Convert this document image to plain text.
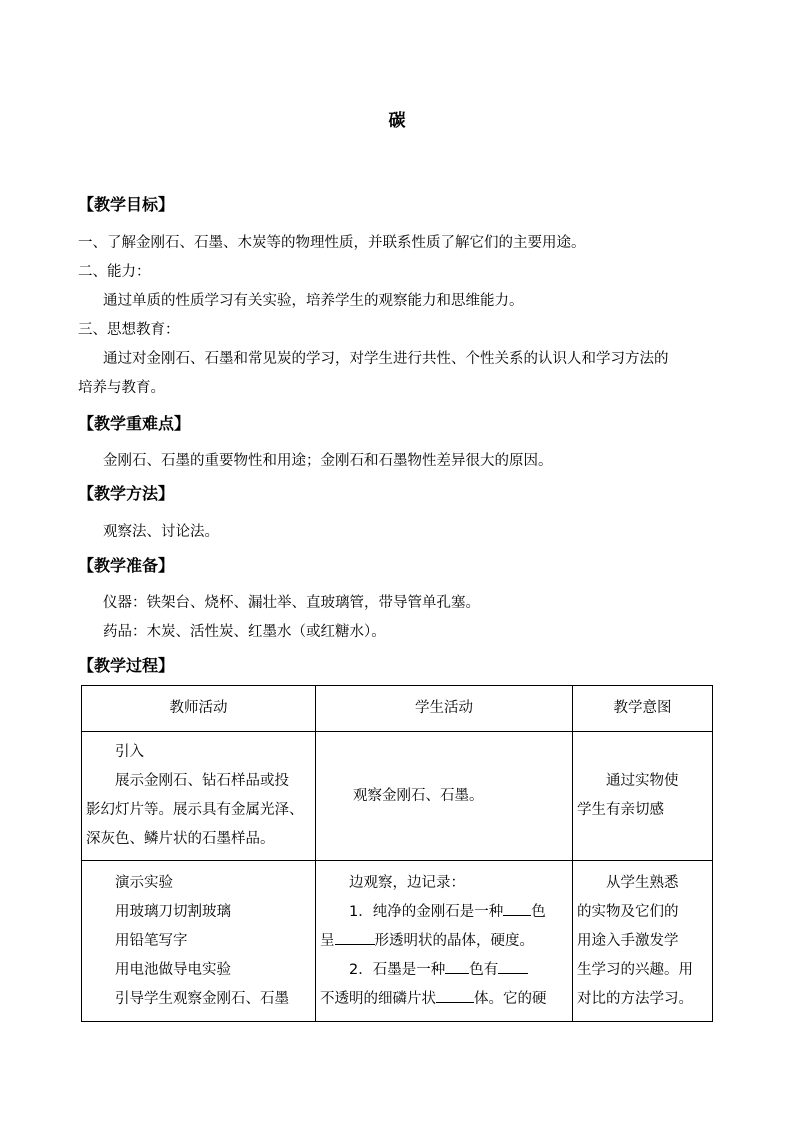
碳
【教学目标】
一、了解金刚石、石墨、木炭等的物理性质，并联系性质了解它们的主要用途。
二、能力：
通过单质的性质学习有关实验，培养学生的观察能力和思维能力。
三、思想教育：
通过对金刚石、石墨和常见炭的学习，对学生进行共性、个性关系的认识人和学习方法的
培养与教育。
【教学重难点】
金刚石、石墨的重要物性和用途；金刚石和石墨物性差异很大的原因。
【教学方法】
观察法、讨论法。
【教学准备】
仪器：铁架台、烧杯、漏壮举、直玻璃管，带导管单孔塞。
药品：木炭、活性炭、红墨水（或红糖水）。
【教学过程】
教师活动	学生活动	教学意图

引入
展示金刚石、钻石样品或投
影幻灯片等。展示具有金属光泽、
深灰色、鳞片状的石墨样品。	观察金刚石、石墨。	通过实物使
学生有亲切感

演示实验
用玻璃刀切割玻璃
用铅笔写字
用电池做导电实验
引导学生观察金刚石、石墨	边观察，边记录：
1．纯净的金刚石是一种 色
呈 形透明状的晶体，硬度。
2．石墨是一种 色有
不透明的细磷片状 体。它的硬	从学生熟悉
的实物及它们的
用途入手激发学
生学习的兴趣。用
对比的方法学习。
